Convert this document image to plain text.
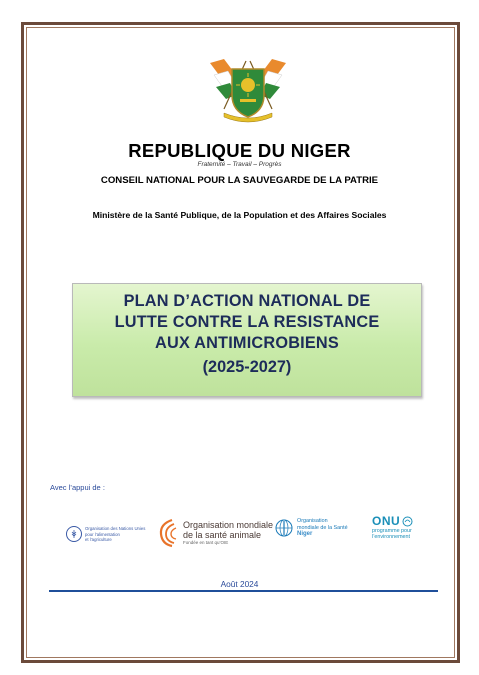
REPUBLIQUE DU NIGER
Fraternité – Travail – Progrès
CONSEIL NATIONAL POUR LA SAUVEGARDE DE LA PATRIE
Ministère de la Santé Publique, de la Population et des Affaires Sociales
PLAN D’ACTION NATIONAL DE
LUTTE CONTRE LA RESISTANCE
AUX ANTIMICROBIENS
(2025-2027)
Avec l’appui de :
Organisation des Nations Unies
pour l’alimentation
et l’agriculture
Organisation mondiale
de la santé animale
Fondée en tant qu’OIE
Organisation
mondiale de la Santé
Niger
ONU
programme pour
l’environnement
Août 2024
